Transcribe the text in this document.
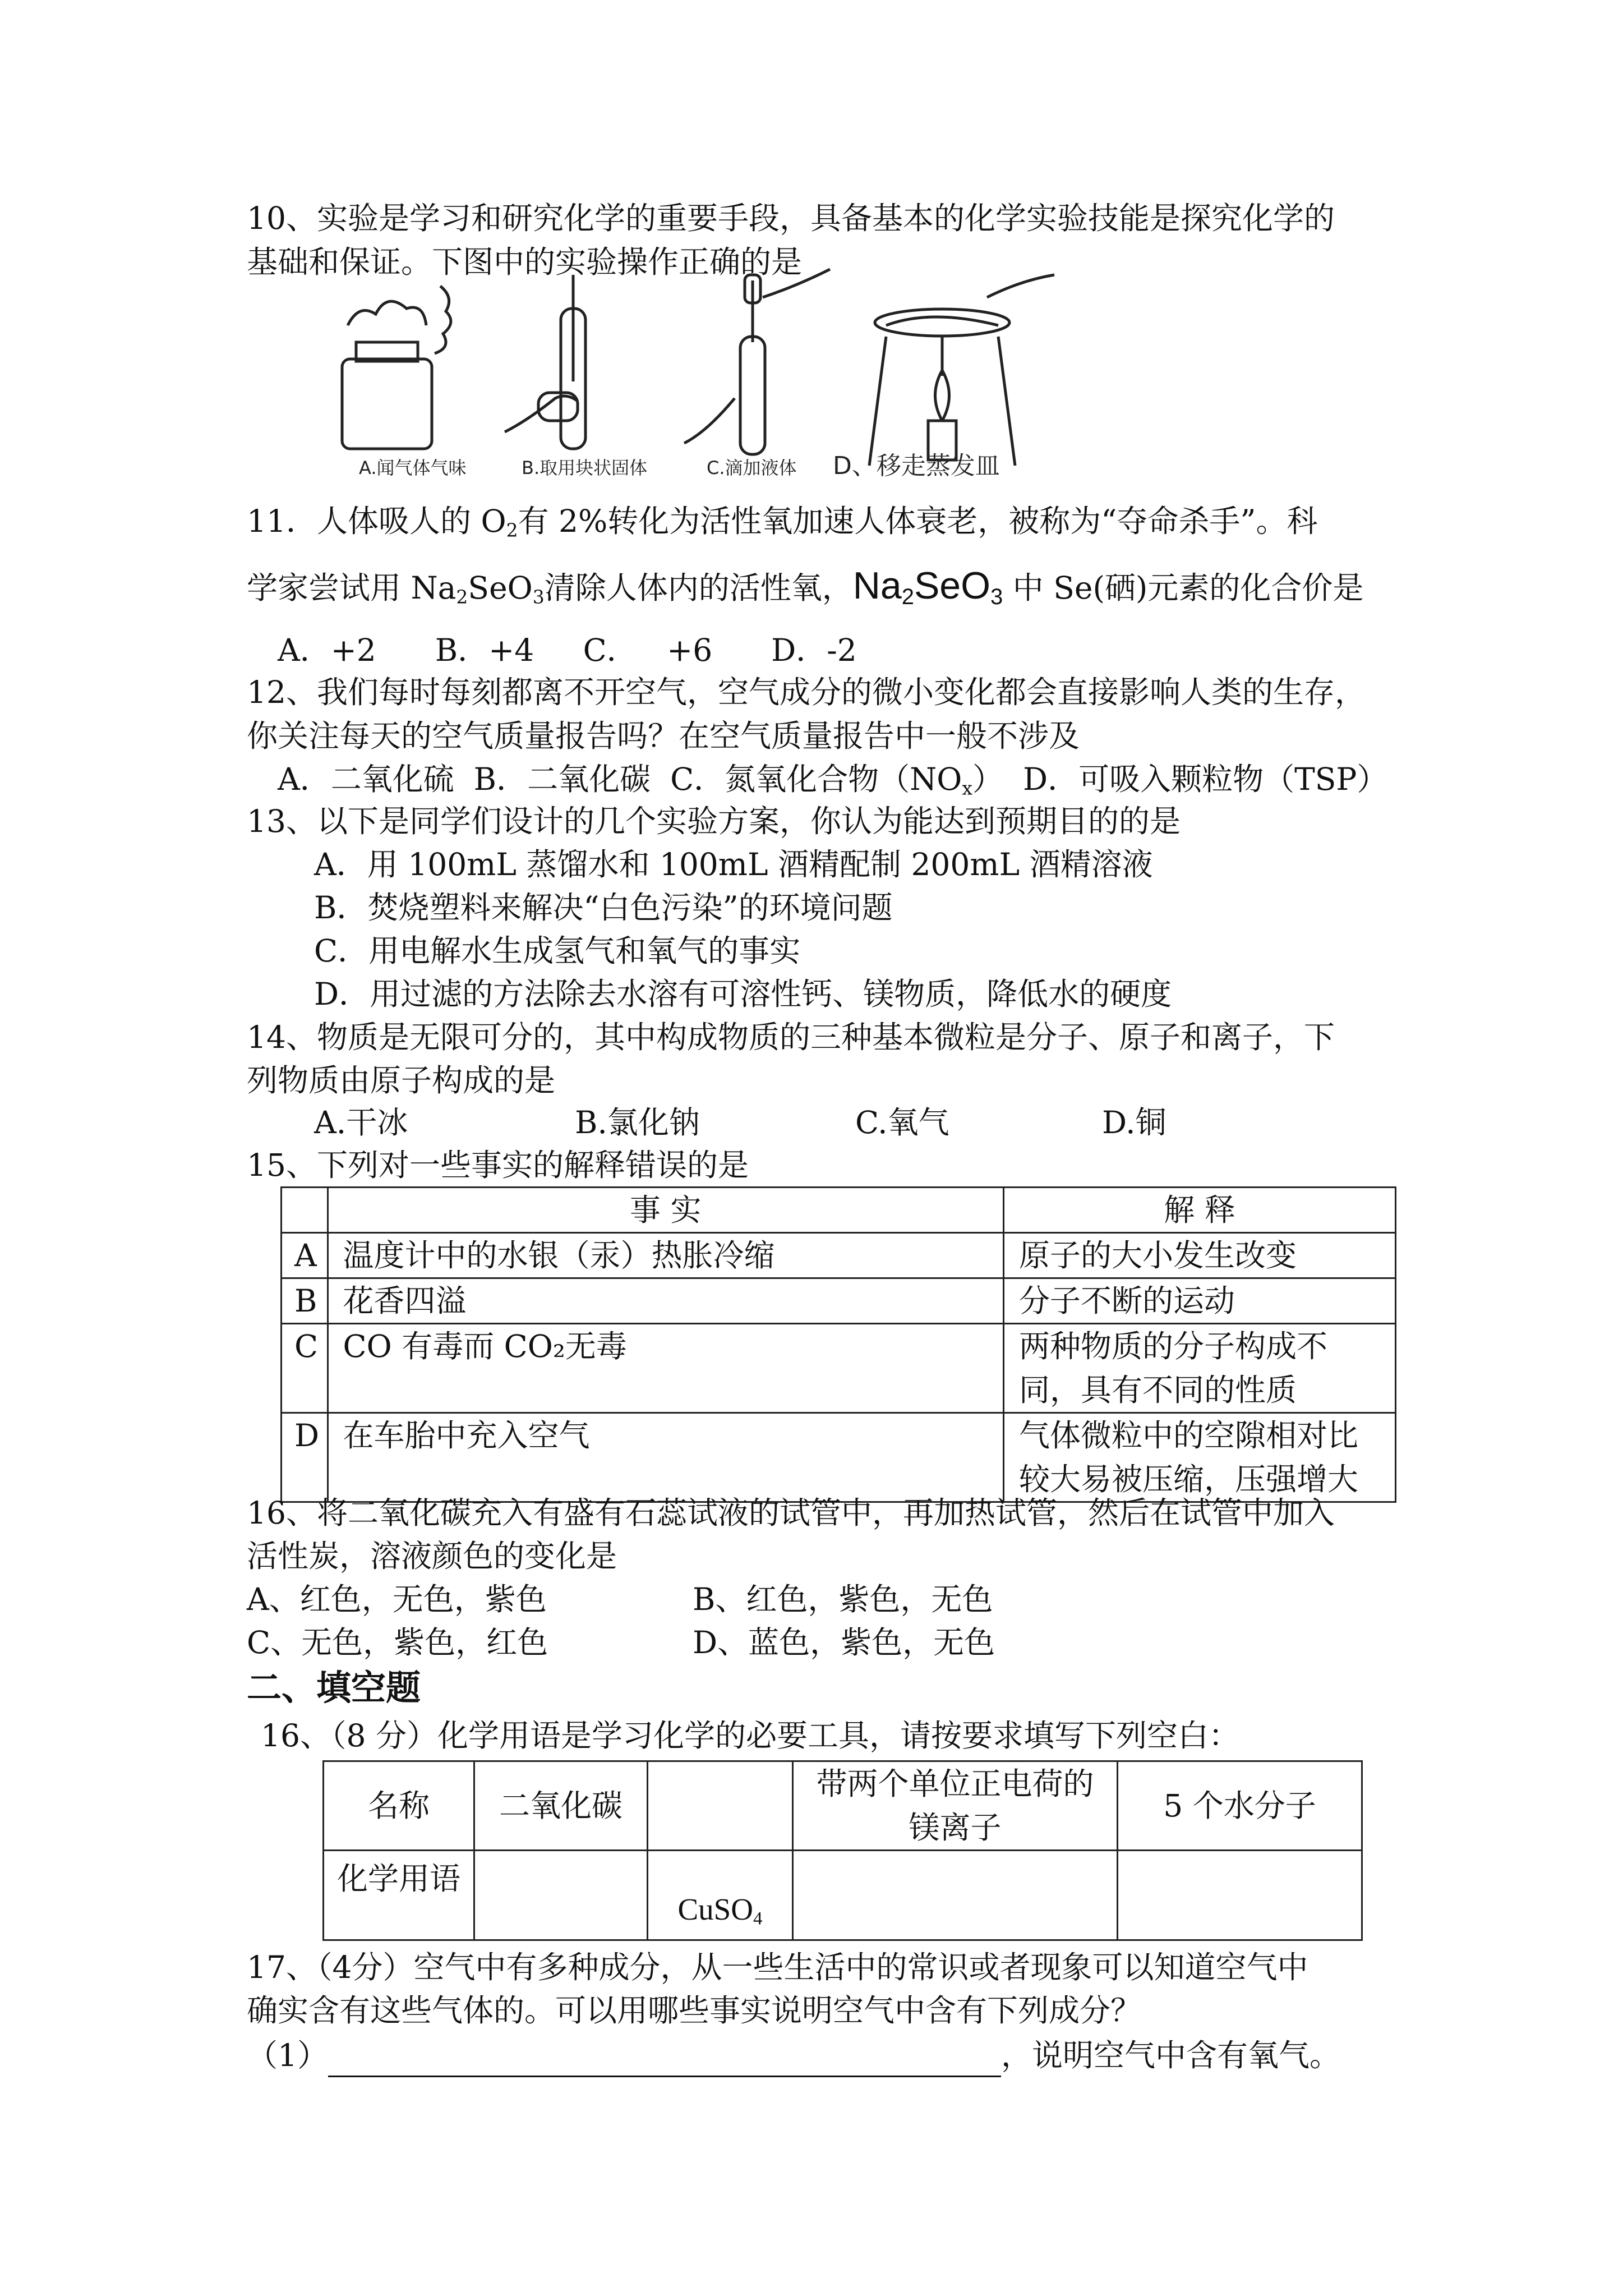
10、实验是学习和研究化学的重要手段，具备基本的化学实验技能是探究化学的
基础和保证。下图中的实验操作正确的是
A.闻气体气味	B.取用块状固体	C.滴加液体 D、移走蒸发皿
11．人体吸人的 $O_2$有 2%转化为活性氧加速人体衰老，被称为“夺命杀手”。科
学家尝试用 $Na_2SeO_3$清除人体内的活性氧，$Na_2SeO_3$ 中 Se(硒)元素的化合价是
A．+2      B．+4     C．   +6      D．-2
12、我们每时每刻都离不开空气，空气成分的微小变化都会直接影响人类的生存，
你关注每天的空气质量报告吗？在空气质量报告中一般不涉及
A．二氧化硫  B．二氧化碳  C．氮氧化合物$(NO_x)$  D．可吸入颗粒物（TSP）
13、以下是同学们设计的几个实验方案，你认为能达到预期目的的是
A．用 100mL 蒸馏水和 100mL 酒精配制 200mL 酒精溶液
B．焚烧塑料来解决“白色污染”的环境问题
C．用电解水生成氢气和氧气的事实
D．用过滤的方法除去水溶有可溶性钙、镁物质，降低水的硬度
14、物质是无限可分的，其中构成物质的三种基本微粒是分子、原子和离子，下
列物质由原子构成的是
A.干冰	B.氯化钠	C.氧气	D.铜
15、下列对一些事实的解释错误的是
	事 实	解 释
A	温度计中的水银（汞）热胀冷缩	原子的大小发生改变
B	花香四溢	分子不断的运动
C	CO 有毒而 CO₂无毒	两种物质的分子构成不同，具有不同的性质
D	在车胎中充入空气	气体微粒中的空隙相对比较大易被压缩，压强增大
16、将二氧化碳充入有盛有石蕊试液的试管中，再加热试管，然后在试管中加入
活性炭，溶液颜色的变化是
A、红色，无色，紫色	B、红色，紫色，无色
C、无色，紫色，红色	D、蓝色，紫色，无色
二、填空题
16、（8 分）化学用语是学习化学的必要工具，请按要求填写下列空白：
名称	二氧化碳		带两个单位正电荷的镁离子	5 个水分子
化学用语		CuSO$_4$		
17、（4分）空气中有多种成分，从一些生活中的常识或者现象可以知道空气中
确实含有这些气体的。可以用哪些事实说明空气中含有下列成分？
（1）	，说明空气中含有氧气。
